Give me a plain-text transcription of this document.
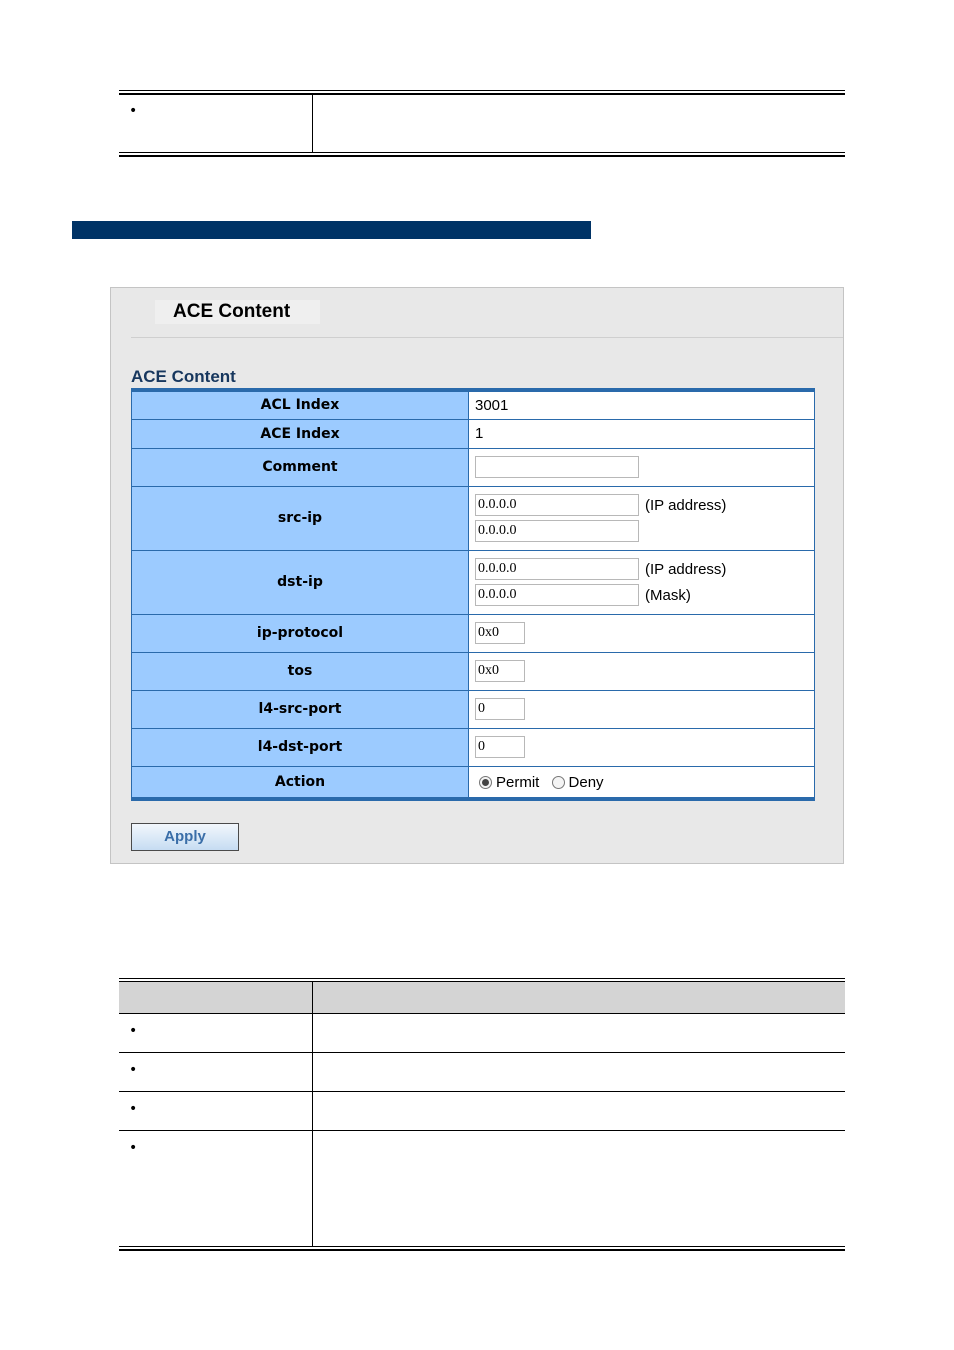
•	
ACE Content
ACE Content
ACL Index	3001
ACE Index	1
Comment	
src-ip	0.0.0.0 (IP address)
0.0.0.0

dst-ip	0.0.0.0 (IP address)
0.0.0.0 (Mask)

ip-protocol	0x0
tos	0x0
l4-src-port	0
l4-dst-port	0
Action	Permit Deny
Apply

•	
•	
•	
•	
